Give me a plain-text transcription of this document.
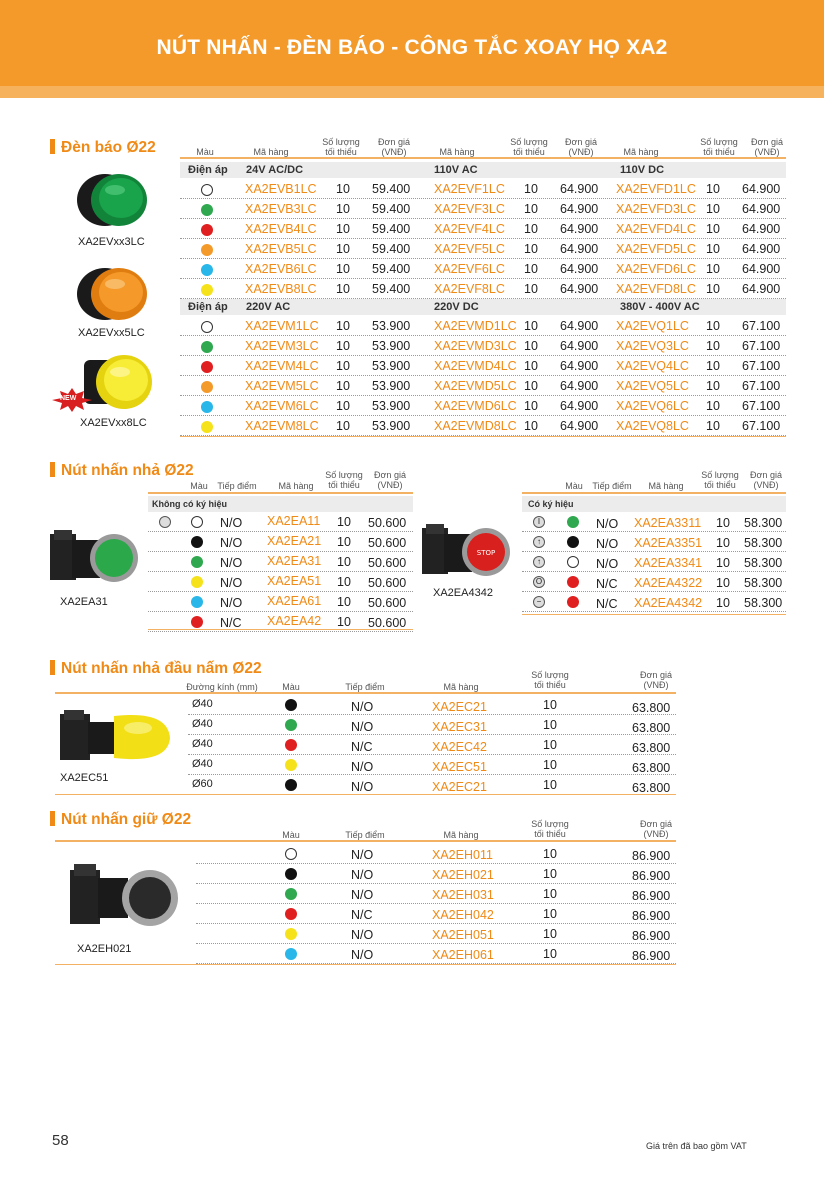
NÚT NHẤN - ĐÈN BÁO - CÔNG TẮC XOAY HỌ XA2
Đèn báo Ø22	Màu	Mã hàng
Số lượng
tối thiểu
Đơn giá
(VNĐ)	Mã hàng
Số lượng
tối thiểu
Đơn giá
(VNĐ)	Mã hàng
Số lượng
tối thiểu
Đơn giá
(VNĐ)
Điện áp 24V AC/DC	110V AC	110V DC
XA2EVB1LC 10 59.400 XA2EVF1LC 10 64.900 XA2EVFD1LC 10 64.900
XA2EVB3LC 10 59.400 XA2EVF3LC 10 64.900 XA2EVFD3LC 10 64.900
XA2EVB4LC 10 59.400 XA2EVF4LC 10 64.900 XA2EVFD4LC 10 64.900
XA2EVB5LC 10 59.400 XA2EVF5LC 10 64.900 XA2EVFD5LC 10 64.900
XA2EVB6LC 10 59.400 XA2EVF6LC 10 64.900 XA2EVFD6LC 10 64.900
XA2EVB8LC 10 59.400 XA2EVF8LC 10 64.900 XA2EVFD8LC 10 64.900
Điện áp 220V AC	220V DC	380V - 400V AC
XA2EVM1LC 10 53.900 XA2EVMD1LC 10 64.900 XA2EVQ1LC 10 67.100
XA2EVM3LC 10 53.900 XA2EVMD3LC 10 64.900 XA2EVQ3LC 10 67.100
XA2EVM4LC 10 53.900 XA2EVMD4LC 10 64.900 XA2EVQ4LC 10 67.100
XA2EVM5LC 10 53.900 XA2EVMD5LC 10 64.900 XA2EVQ5LC 10 67.100
XA2EVM6LC 10 53.900 XA2EVMD6LC 10 64.900 XA2EVQ6LC 10 67.100
XA2EVM8LC 10 53.900 XA2EVMD8LC 10 64.900 XA2EVQ8LC 10 67.100
XA2EVxx3LC
XA2EVxx5LC
NEW
XA2EVxx8LC
Nút nhấn nhả Ø22
Màu	Tiếp điểm	Mã hàng
Số lượng
tối thiểu
Đơn giá
(VNĐ)	Màu	Tiếp điểm	Mã hàng
Số lượng
tối thiểu
Đơn giá
(VNĐ)
Không có ký hiệu	Có ký hiệu
N/O XA2EA11 10 50.600
N/O XA2EA21 10 50.600
N/O XA2EA31 10 50.600
N/O XA2EA51 10 50.600
N/O XA2EA61 10 50.600
N/C XA2EA42 10 50.600
I	N/O XA2EA3311 10 58.300
↑	N/O XA2EA3351 10 58.300
↑	N/O XA2EA3341 10 58.300
O	N/C XA2EA4322 10 58.300
−	N/C XA2EA4342 10 58.300
XA2EA31
STOP
XA2EA4342
Nút nhấn nhả đầu nấm Ø22
Đường kính (mm)	Màu	Tiếp điểm	Mã hàng
Số lượng
tối thiểu
Đơn giá
(VNĐ)
Ø40	N/O	XA2EC21	10	63.800
Ø40	N/O	XA2EC31	10	63.800
Ø40	N/C	XA2EC42	10	63.800
Ø40	N/O	XA2EC51	10	63.800
Ø60	N/O	XA2EC21	10	63.800
XA2EC51
Nút nhấn giữ Ø22
Màu	Tiếp điểm	Mã hàng
Số lượng
tối thiểu
Đơn giá
(VNĐ)
N/O	XA2EH011	10	86.900
N/O	XA2EH021	10	86.900
N/O	XA2EH031	10	86.900
N/C	XA2EH042	10	86.900
N/O	XA2EH051	10	86.900
N/O	XA2EH061	10	86.900
XA2EH021
58	Giá trên đã bao gồm VAT
